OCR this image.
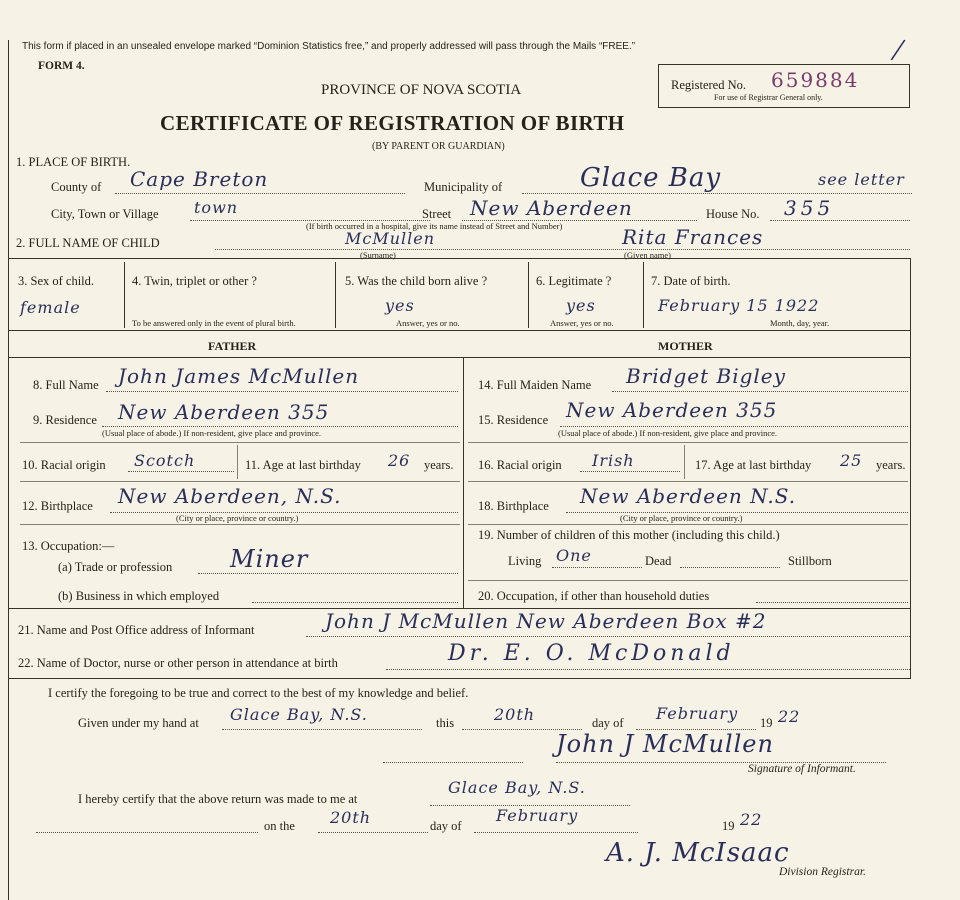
This form if placed in an unsealed envelope marked “Dominion Statistics free,” and properly addressed will pass through the Mails “FREE.”
FORM 4.
PROVINCE OF NOVA SCOTIA
CERTIFICATE OF REGISTRATION OF BIRTH
(BY PARENT OR GUARDIAN)
Registered No. 659884
For use of Registrar General only.
/
1. PLACE OF BIRTH.
County of Cape Breton	Municipality of	Glace Bay	see letter
City, Town or Village town	Street New Aberdeen
(If birth occurred in a hospital, give its name instead of Street and Number)
House No. 355
2. FULL NAME OF CHILD	McMullen	Rita Frances
(Surname)	(Given name)
3. Sex of child.
female
4. Twin, triplet or other ?
To be answered only in the event of plural birth.
5. Was the child born alive ?
yes
Answer, yes or no.
6. Legitimate ?
yes
Answer, yes or no.
7. Date of birth.
February 15 1922
Month, day, year.
FATHER	MOTHER
8. Full Name John James McMullen
9. Residence New Aberdeen 355
(Usual place of abode.) If non-resident, give place and province.
10. Racial origin Scotch	11. Age at last birthday 26 years.
12. Birthplace New Aberdeen, N.S.
(City or place, province or country.)
13. Occupation:—
(a) Trade or profession Miner
(b) Business in which employed
14. Full Maiden Name Bridget Bigley
15. Residence New Aberdeen 355
(Usual place of abode.) If non-resident, give place and province.
16. Racial origin Irish	17. Age at last birthday 25 years.
18. Birthplace New Aberdeen N.S.
(City or place, province or country.)
19. Number of children of this mother (including this child.)
Living One	Dead	Stillborn
20. Occupation, if other than household duties
21. Name and Post Office address of Informant	John J McMullen New Aberdeen Box #2
22. Name of Doctor, nurse or other person in attendance at birth	Dr. E. O. McDonald
I certify the foregoing to be true and correct to the best of my knowledge and belief.
Given under my hand at Glace Bay, N.S.	this 20th	day of February 19 22
John J McMullen
Signature of Informant.
I hereby certify that the above return was made to me at
Glace Bay, N.S.
on the 20th	day of
February
19 22
A. J. McIsaac
Division Registrar.
